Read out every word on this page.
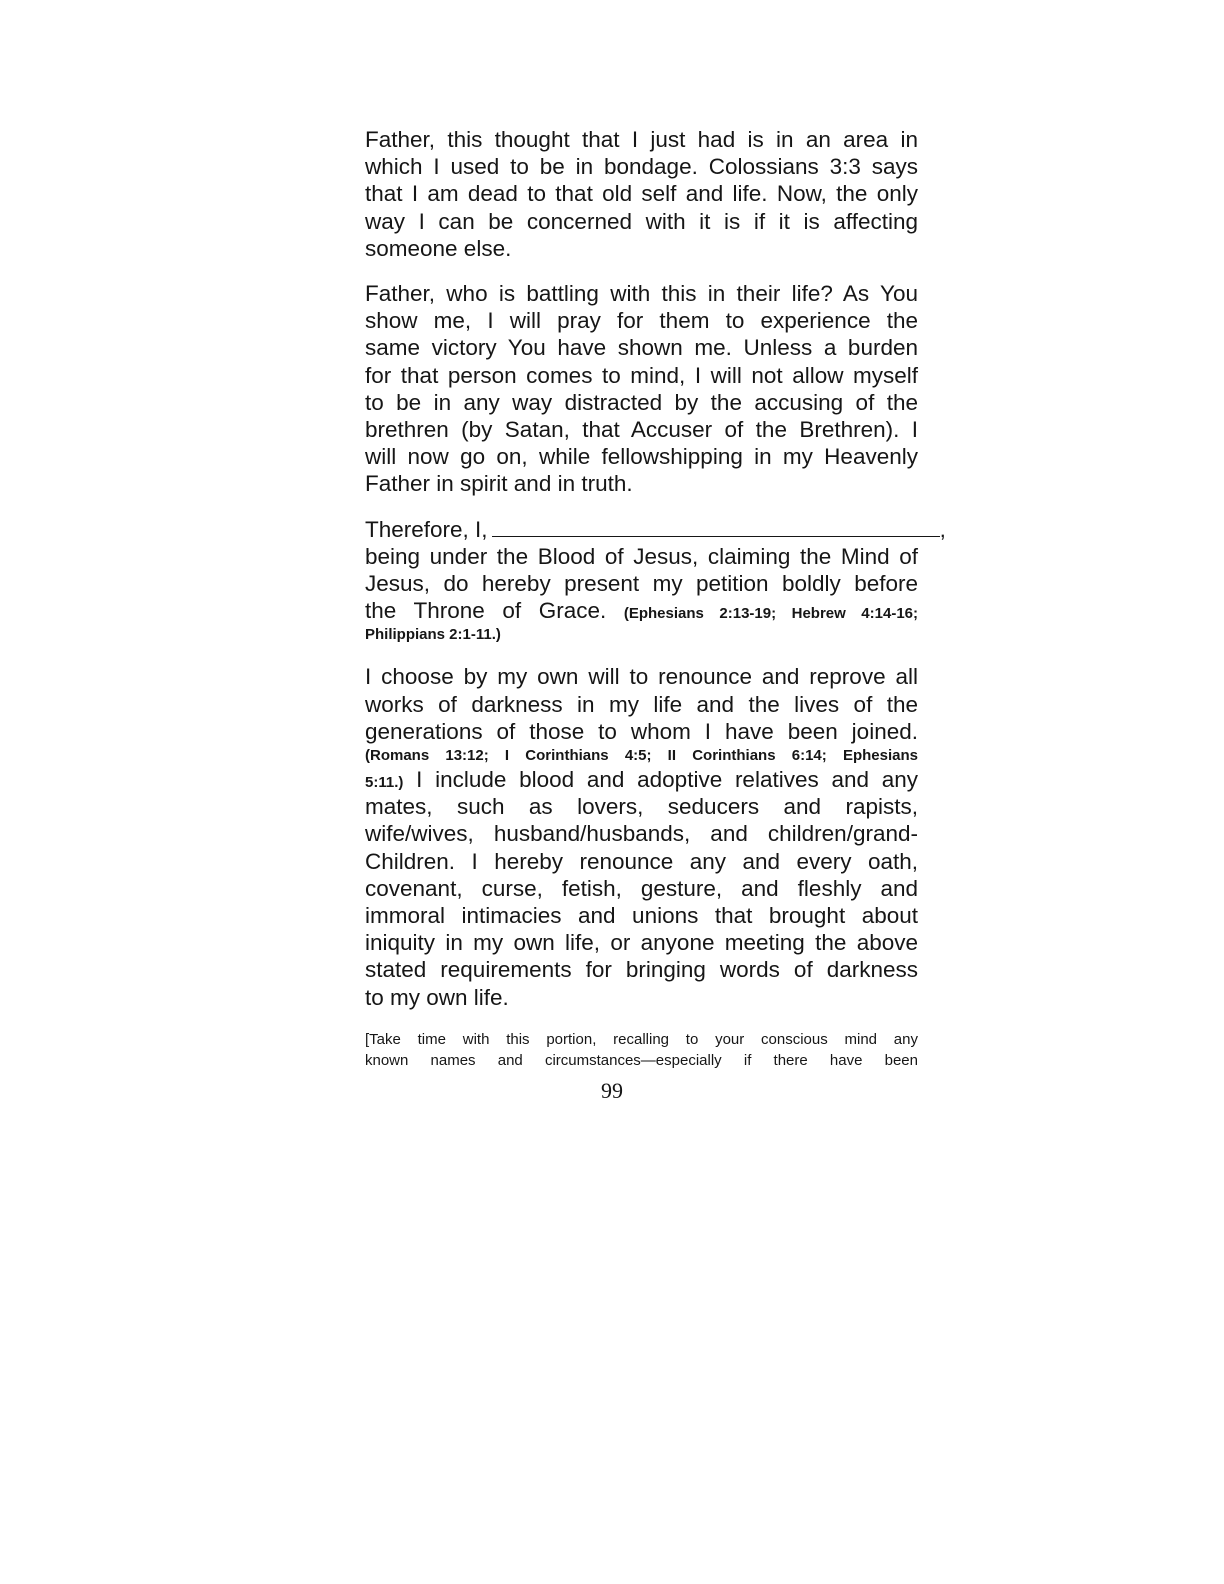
Father, this thought that I just had is in an area in
which I used to be in bondage. Colossians 3:3 says
that I am dead to that old self and life. Now, the only
way I can be concerned with it is if it is affecting
someone else.
Father, who is battling with this in their life? As You
show me, I will pray for them to experience the
same victory You have shown me. Unless a burden
for that person comes to mind, I will not allow myself
to be in any way distracted by the accusing of the
brethren (by Satan, that Accuser of the Brethren). I
will now go on, while fellowshipping in my Heavenly
Father in spirit and in truth.
Therefore, I,	,
being under the Blood of Jesus, claiming the Mind of
Jesus, do hereby present my petition boldly before
the Throne of Grace. (Ephesians 2:13-19; Hebrew 4:14-16;
Philippians 2:1-11.)
I choose by my own will to renounce and reprove all
works of darkness in my life and the lives of the
generations of those to whom I have been joined.
(Romans 13:12; I Corinthians 4:5; II Corinthians 6:14; Ephesians
5:11.) I include blood and adoptive relatives and any
mates, such as lovers, seducers and rapists,
wife/wives, husband/husbands, and children/grand-
Children. I hereby renounce any and every oath,
covenant, curse, fetish, gesture, and fleshly and
immoral intimacies and unions that brought about
iniquity in my own life, or anyone meeting the above
stated requirements for bringing words of darkness
to my own life.
[Take time with this portion, recalling to your conscious mind any
known names and circumstances—especially if there have been
99
